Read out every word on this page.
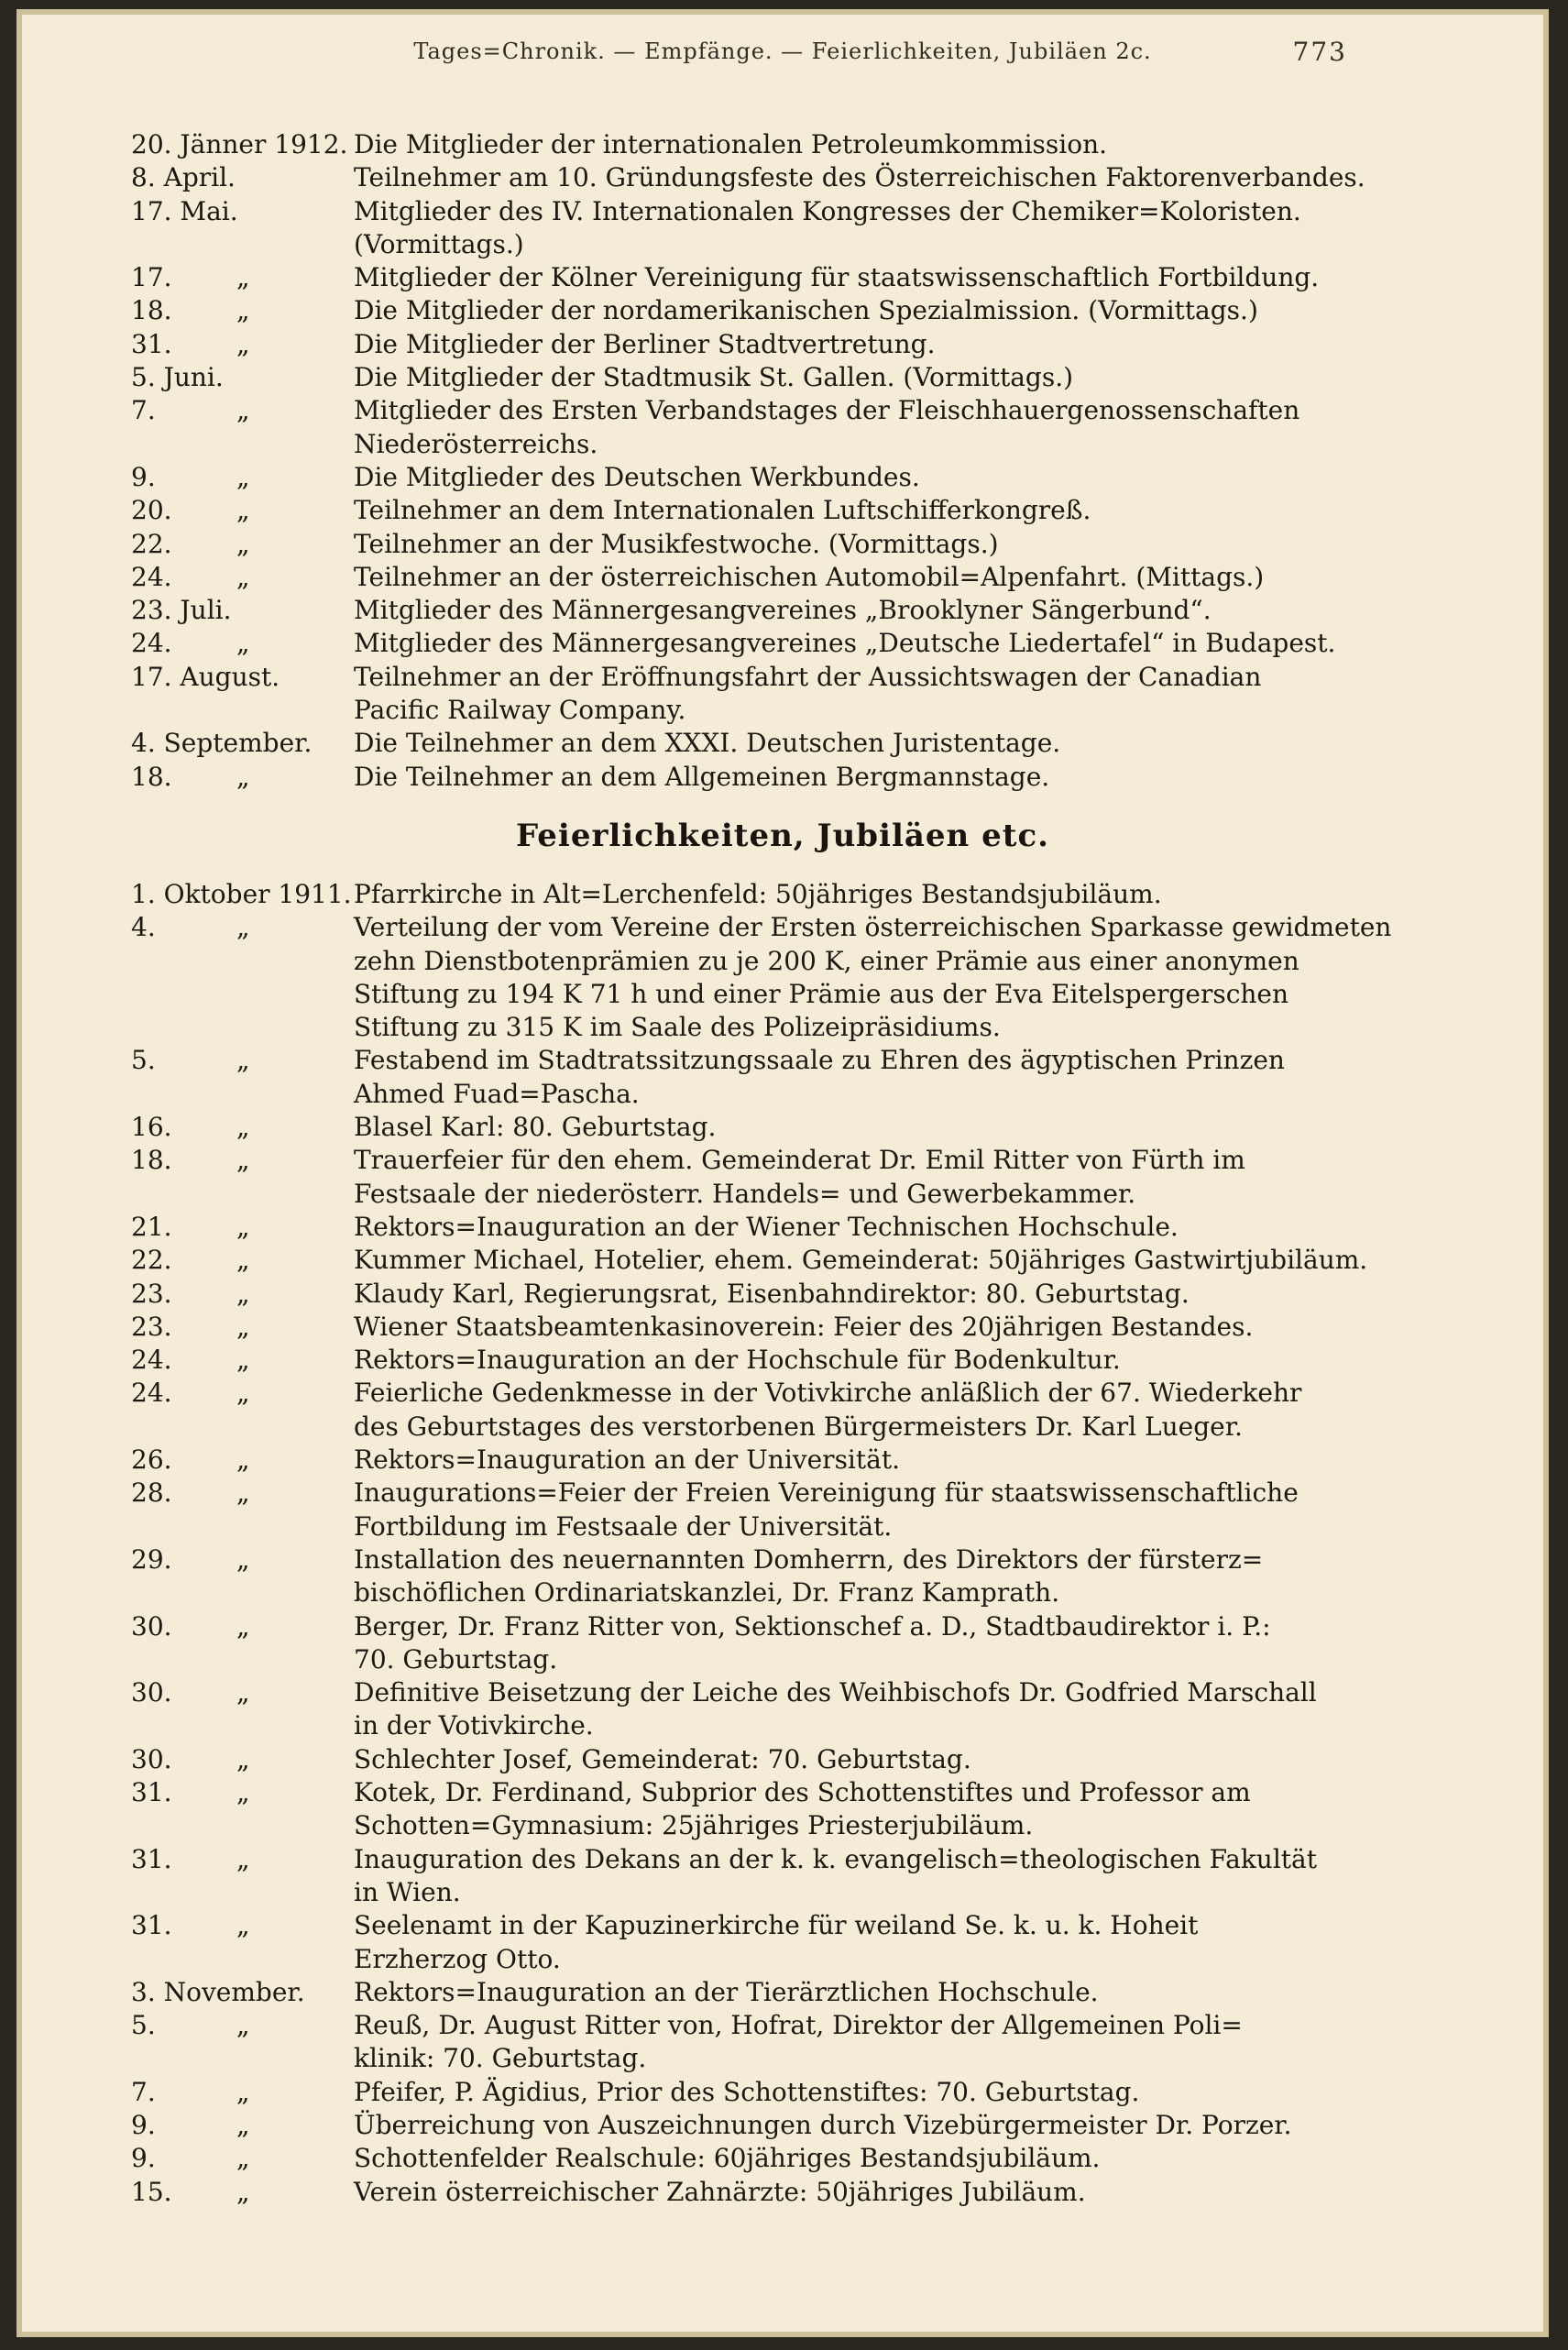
Tages=Chronik. — Empfänge. — Feierlichkeiten, Jubiläen 2c.	773
20. Jänner 1912. Die Mitglieder der internationalen Petroleumkommission.
8. April.	Teilnehmer am 10. Gründungsfeste des Österreichischen Faktorenverbandes.
17. Mai.	Mitglieder des IV. Internationalen Kongresses der Chemiker=Koloristen.
(Vormittags.)
17.	„	Mitglieder der Kölner Vereinigung für staatswissenschaftlich Fortbildung.
18.	„	Die Mitglieder der nordamerikanischen Spezialmission. (Vormittags.)
31.	„	Die Mitglieder der Berliner Stadtvertretung.
5. Juni.	Die Mitglieder der Stadtmusik St. Gallen. (Vormittags.)
7.	„	Mitglieder des Ersten Verbandstages der Fleischhauergenossenschaften
Niederösterreichs.
9.	„	Die Mitglieder des Deutschen Werkbundes.
20.	„	Teilnehmer an dem Internationalen Luftschifferkongreß.
22.	„	Teilnehmer an der Musikfestwoche. (Vormittags.)
24.	„	Teilnehmer an der österreichischen Automobil=Alpenfahrt. (Mittags.)
23. Juli.	Mitglieder des Männergesangvereines „Brooklyner Sängerbund“.
24.	„	Mitglieder des Männergesangvereines „Deutsche Liedertafel“ in Budapest.
17. August.	Teilnehmer an der Eröffnungsfahrt der Aussichtswagen der Canadian
Pacific Railway Company.
4. September. Die Teilnehmer an dem XXXI. Deutschen Juristentage.
18.	„	Die Teilnehmer an dem Allgemeinen Bergmannstage.
Feierlichkeiten, Jubiläen etc.
1. Oktober 1911. Pfarrkirche in Alt=Lerchenfeld: 50jähriges Bestandsjubiläum.
4.	„	Verteilung der vom Vereine der Ersten österreichischen Sparkasse gewidmeten
zehn Dienstbotenprämien zu je 200 K, einer Prämie aus einer anonymen
Stiftung zu 194 K 71 h und einer Prämie aus der Eva Eitelspergerschen
Stiftung zu 315 K im Saale des Polizeipräsidiums.
5.	„	Festabend im Stadtratssitzungssaale zu Ehren des ägyptischen Prinzen
Ahmed Fuad=Pascha.
16.	„	Blasel Karl: 80. Geburtstag.
18.	„	Trauerfeier für den ehem. Gemeinderat Dr. Emil Ritter von Fürth im
Festsaale der niederösterr. Handels= und Gewerbekammer.
21.	„	Rektors=Inauguration an der Wiener Technischen Hochschule.
22.	„	Kummer Michael, Hotelier, ehem. Gemeinderat: 50jähriges Gastwirtjubiläum.
23.	„	Klaudy Karl, Regierungsrat, Eisenbahndirektor: 80. Geburtstag.
23.	„	Wiener Staatsbeamtenkasinoverein: Feier des 20jährigen Bestandes.
24.	„	Rektors=Inauguration an der Hochschule für Bodenkultur.
24.	„	Feierliche Gedenkmesse in der Votivkirche anläßlich der 67. Wiederkehr
des Geburtstages des verstorbenen Bürgermeisters Dr. Karl Lueger.
26.	„	Rektors=Inauguration an der Universität.
28.	„	Inaugurations=Feier der Freien Vereinigung für staatswissenschaftliche
Fortbildung im Festsaale der Universität.
29.	„	Installation des neuernannten Domherrn, des Direktors der fürsterz=
bischöflichen Ordinariatskanzlei, Dr. Franz Kamprath.
30.	„	Berger, Dr. Franz Ritter von, Sektionschef a. D., Stadtbaudirektor i. P.:
70. Geburtstag.
30.	„	Definitive Beisetzung der Leiche des Weihbischofs Dr. Godfried Marschall
in der Votivkirche.
30.	„	Schlechter Josef, Gemeinderat: 70. Geburtstag.
31.	„	Kotek, Dr. Ferdinand, Subprior des Schottenstiftes und Professor am
Schotten=Gymnasium: 25jähriges Priesterjubiläum.
31.	„	Inauguration des Dekans an der k. k. evangelisch=theologischen Fakultät
in Wien.
31.	„	Seelenamt in der Kapuzinerkirche für weiland Se. k. u. k. Hoheit
Erzherzog Otto.
3. November. Rektors=Inauguration an der Tierärztlichen Hochschule.
5.	„	Reuß, Dr. August Ritter von, Hofrat, Direktor der Allgemeinen Poli=
klinik: 70. Geburtstag.
7.	„	Pfeifer, P. Ägidius, Prior des Schottenstiftes: 70. Geburtstag.
9.	„	Überreichung von Auszeichnungen durch Vizebürgermeister Dr. Porzer.
9.	„	Schottenfelder Realschule: 60jähriges Bestandsjubiläum.
15.	„	Verein österreichischer Zahnärzte: 50jähriges Jubiläum.
